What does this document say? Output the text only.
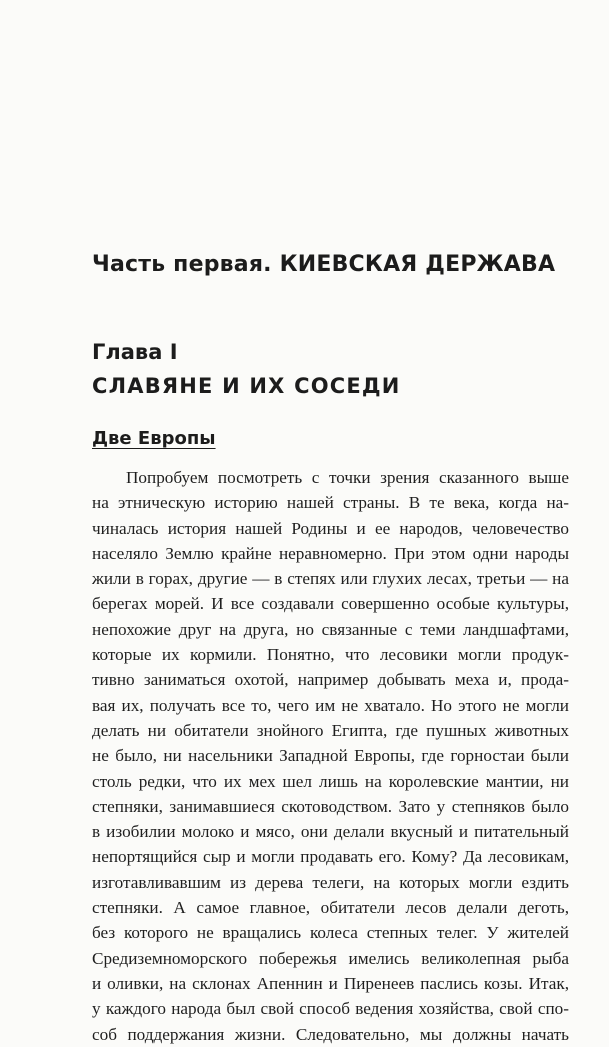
Часть первая. КИЕВСКАЯ ДЕРЖАВА
Глава I
СЛАВЯНЕ И ИХ СОСЕДИ
Две Европы
Попробуем посмотреть с точки зрения сказанного выше
на этническую историю нашей страны. В те века, когда на-
чиналась история нашей Родины и ее народов, человечество
населяло Землю крайне неравномерно. При этом одни народы
жили в горах, другие — в степях или глухих лесах, третьи — на
берегах морей. И все создавали совершенно особые культуры,
непохожие друг на друга, но связанные с теми ландшафтами,
которые их кормили. Понятно, что лесовики могли продук-
тивно заниматься охотой, например добывать меха и, прода-
вая их, получать все то, чего им не хватало. Но этого не могли
делать ни обитатели знойного Египта, где пушных животных
не было, ни насельники Западной Европы, где горностаи были
столь редки, что их мех шел лишь на королевские мантии, ни
степняки, занимавшиеся скотоводством. Зато у степняков было
в изобилии молоко и мясо, они делали вкусный и питательный
непортящийся сыр и могли продавать его. Кому? Да лесовикам,
изготавливавшим из дерева телеги, на которых могли ездить
степняки. А самое главное, обитатели лесов делали деготь,
без которого не вращались колеса степных телег. У жителей
Средиземноморского побережья имелись великолепная рыба
и оливки, на склонах Апеннин и Пиренеев паслись козы. Итак,
у каждого народа был свой способ ведения хозяйства, свой спо-
соб поддержания жизни. Следовательно, мы должны начать
